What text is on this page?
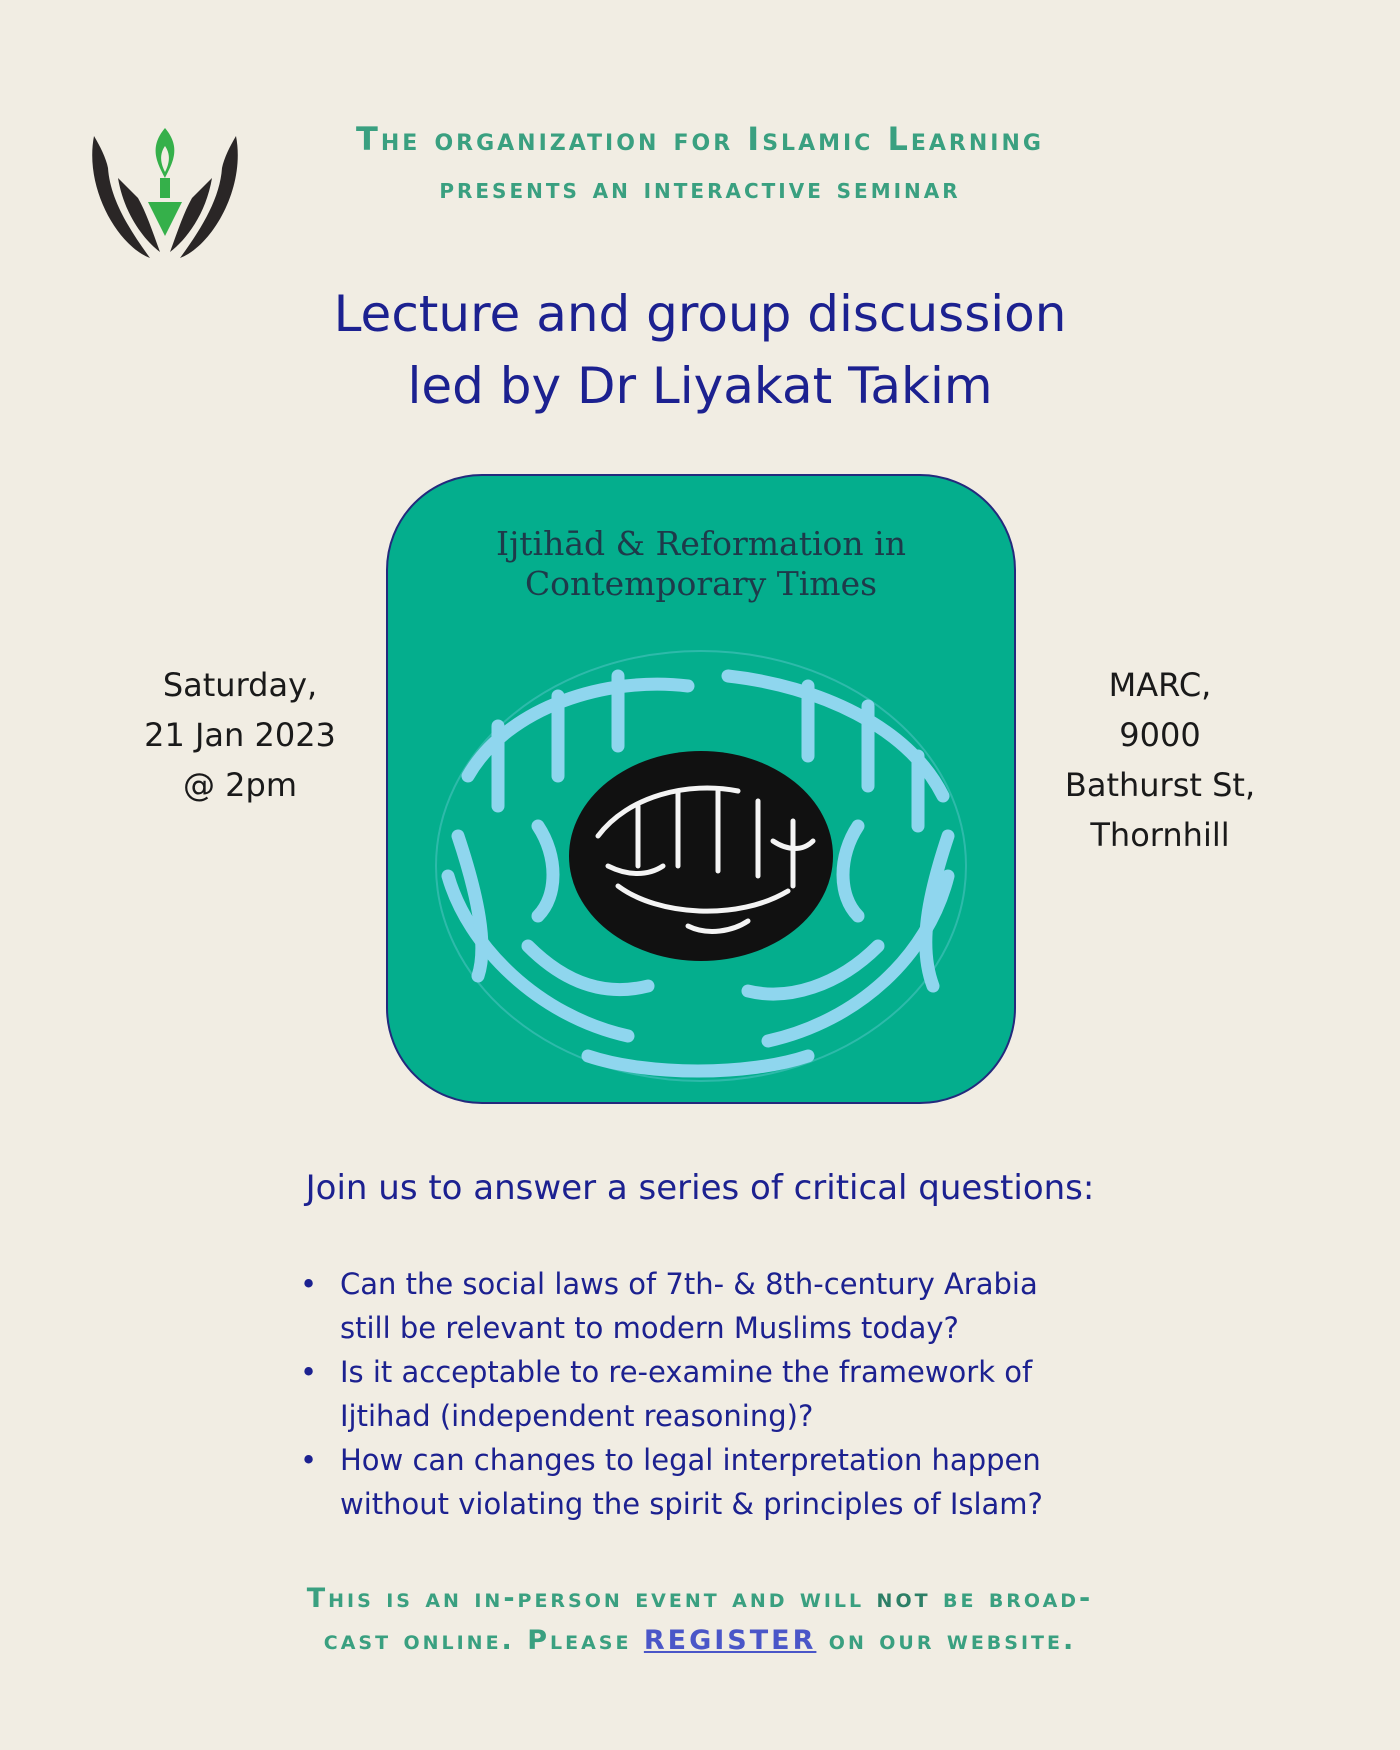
The organization for Islamic Learning
presents an interactive seminar
Lecture and group discussion
led by Dr Liyakat Takim
Saturday,
21 Jan 2023
@ 2pm
MARC,
9000
Bathurst St,
Thornhill
Ijtihād & Reformation in
Contemporary Times
Join us to answer a series of critical questions:
• Can the social laws of 7th- & 8th-century Arabia
still be relevant to modern Muslims today?
• Is it acceptable to re-examine the framework of
Ijtihad (independent reasoning)?
• How can changes to legal interpretation happen
without violating the spirit & principles of Islam?
This is an in-person event and will not be broad-
cast online. Please REGISTER on our website.
